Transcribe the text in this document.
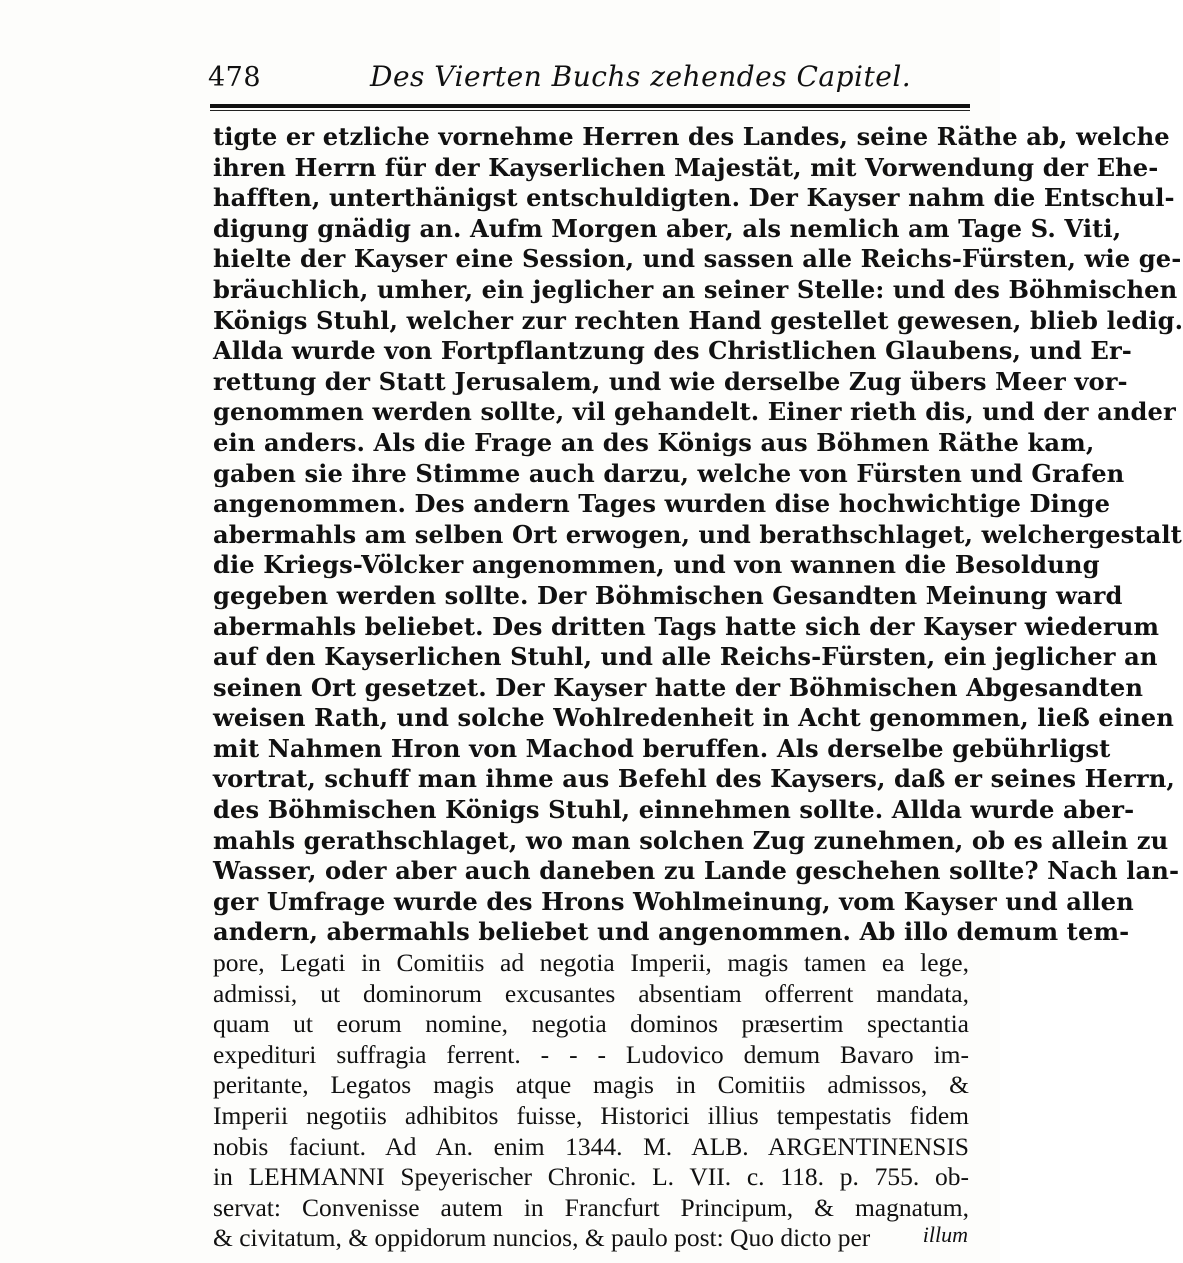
478	Des Vierten Buchs zehendes Capitel.
tigte er etzliche vornehme Herren des Landes, seine Räthe ab, welche
ihren Herrn für der Kayserlichen Majestät, mit Vorwendung der Ehe-
hafften, unterthänigst entschuldigten. Der Kayser nahm die Entschul-
digung gnädig an. Aufm Morgen aber, als nemlich am Tage S. Viti,
hielte der Kayser eine Session, und sassen alle Reichs-Fürsten, wie ge-
bräuchlich, umher, ein jeglicher an seiner Stelle: und des Böhmischen
Königs Stuhl, welcher zur rechten Hand gestellet gewesen, blieb ledig.
Allda wurde von Fortpflantzung des Christlichen Glaubens, und Er-
rettung der Statt Jerusalem, und wie derselbe Zug übers Meer vor-
genommen werden sollte, vil gehandelt. Einer rieth dis, und der ander
ein anders. Als die Frage an des Königs aus Böhmen Räthe kam,
gaben sie ihre Stimme auch darzu, welche von Fürsten und Grafen
angenommen. Des andern Tages wurden dise hochwichtige Dinge
abermahls am selben Ort erwogen, und berathschlaget, welchergestalt
die Kriegs-Völcker angenommen, und von wannen die Besoldung
gegeben werden sollte. Der Böhmischen Gesandten Meinung ward
abermahls beliebet. Des dritten Tags hatte sich der Kayser wiederum
auf den Kayserlichen Stuhl, und alle Reichs-Fürsten, ein jeglicher an
seinen Ort gesetzet. Der Kayser hatte der Böhmischen Abgesandten
weisen Rath, und solche Wohlredenheit in Acht genommen, ließ einen
mit Nahmen Hron von Machod beruffen. Als derselbe gebührligst
vortrat, schuff man ihme aus Befehl des Kaysers, daß er seines Herrn,
des Böhmischen Königs Stuhl, einnehmen sollte. Allda wurde aber-
mahls gerathschlaget, wo man solchen Zug zunehmen, ob es allein zu
Wasser, oder aber auch daneben zu Lande geschehen sollte? Nach lan-
ger Umfrage wurde des Hrons Wohlmeinung, vom Kayser und allen
andern, abermahls beliebet und angenommen. Ab illo demum tem-
pore, Legati in Comitiis ad negotia Imperii, magis tamen ea lege,
admissi, ut dominorum excusantes absentiam offerrent mandata,
quam ut eorum nomine, negotia dominos præsertim spectantia
expedituri suffragia ferrent. - - - Ludovico demum Bavaro im-
peritante, Legatos magis atque magis in Comitiis admissos, &
Imperii negotiis adhibitos fuisse, Historici illius tempestatis fidem
nobis faciunt. Ad An. enim 1344. M. ALB. ARGENTINENSIS
in LEHMANNI Speyerischer Chronic. L. VII. c. 118. p. 755. ob-
servat: Convenisse autem in Francfurt Principum, & magnatum,
& civitatum, & oppidorum nuncios, & paulo post: Quo dicto per	illum
